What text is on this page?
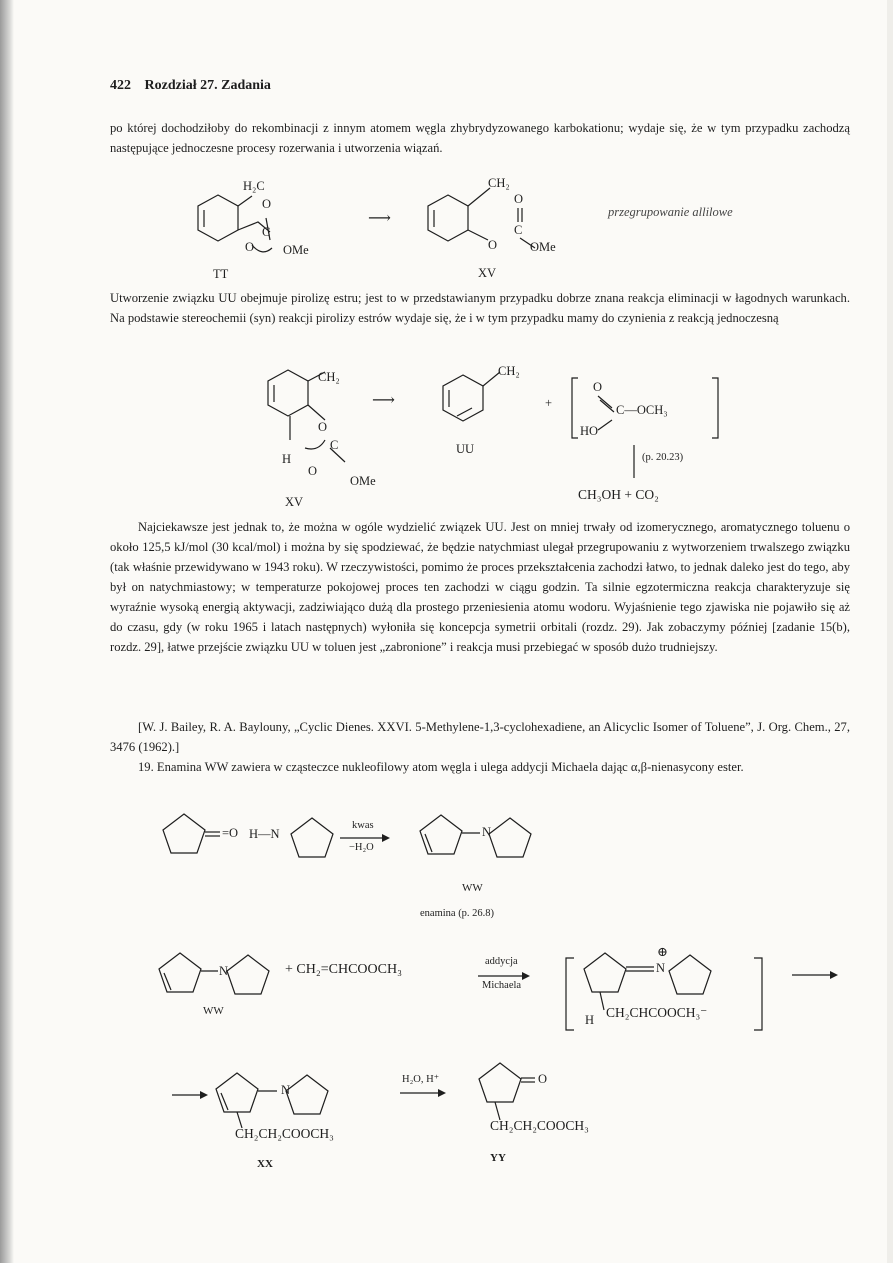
422 Rozdział 27. Zadania
po której dochodziłoby do rekombinacji z innym atomem węgla zhybrydyzowanego karbokationu; wydaje się, że w tym przypadku zachodzą następujące jednoczesne procesy rozerwania i utworzenia wiązań.
H₂C
O
C
O OMe
TT
⟶
CH₂
O
C
O	OMe
XV
przegrupowanie allilowe
Utworzenie związku UU obejmuje pirolizę estru; jest to w przedstawianym przypadku dobrze znana reakcja eliminacji w łagodnych warunkach. Na podstawie stereochemii (syn) reakcji pirolizy estrów wydaje się, że i w tym przypadku mamy do czynienia z reakcją jednoczesną
CH₂
O
H
C
O
OMe
XV
⟶
CH₂
UU
+
O
C—OCH₃
HO
(p. 20.23)
CH₃OH + CO₂
Najciekawsze jest jednak to, że można w ogóle wydzielić związek UU. Jest on mniej trwały od izomerycznego, aromatycznego toluenu o około 125,5 kJ/mol (30 kcal/mol) i można by się spodziewać, że będzie natychmiast ulegał przegrupowaniu z wytworzeniem trwalszego związku (tak właśnie przewidywano w 1943 roku). W rzeczywistości, pomimo że proces przekształcenia zachodzi łatwo, to jednak daleko jest do tego, aby był on natychmiastowy; w temperaturze pokojowej proces ten zachodzi w ciągu godzin. Ta silnie egzotermiczna reakcja charakteryzuje się wyraźnie wysoką energią aktywacji, zadziwiająco dużą dla prostego przeniesienia atomu wodoru. Wyjaśnienie tego zjawiska nie pojawiło się aż do czasu, gdy (w roku 1965 i latach następnych) wyłoniła się koncepcja symetrii orbitali (rozdz. 29). Jak zobaczymy później [zadanie 15(b), rozdz. 29], łatwe przejście związku UU w toluen jest „zabronione” i reakcja musi przebiegać w sposób dużo trudniejszy.
[W. J. Bailey, R. A. Baylouny, „Cyclic Dienes. XXVI. 5-Methylene-1,3-cyclohexadiene, an Alicyclic Isomer of Toluene”, J. Org. Chem., 27, 3476 (1962).]
19. Enamina WW zawiera w cząsteczce nukleofilowy atom węgla i ulega addycji Michaela dając α,β-nienasycony ester.
=O H—N
kwas
−H₂O
N
WW
enamina (p. 26.8)
N
WW
+ CH₂=CHCOOCH₃
addycja
Michaela
⊕
N
H CH₂CHCOOCH₃⁻
N
CH₂CH₂COOCH₃
XX
H₂O, H⁺	O
CH₂CH₂COOCH₃
YY
